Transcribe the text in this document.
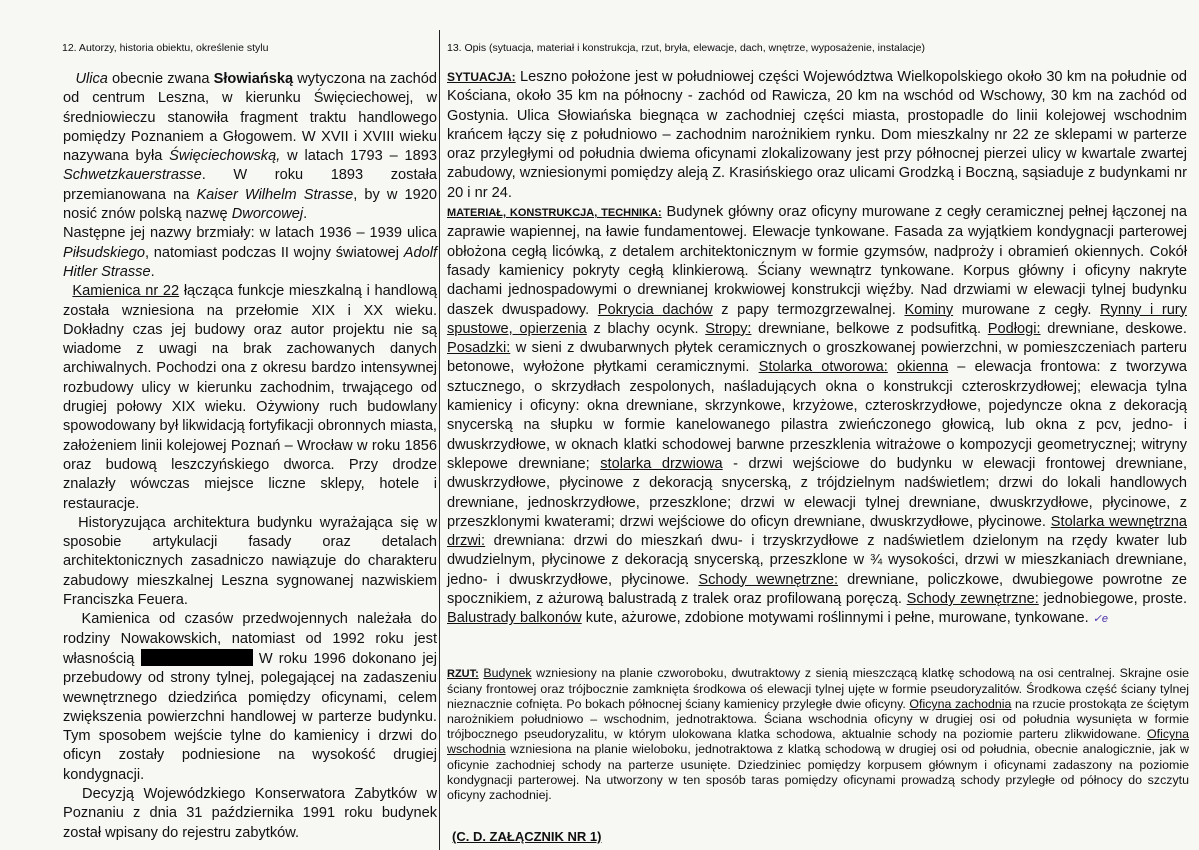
12. Autorzy, historia obiektu, określenie stylu	13. Opis (sytuacja, materiał i konstrukcja, rzut, bryła, elewacje, dach, wnętrze, wyposażenie, instalacje)

Ulica obecnie zwana Słowiańską wytyczona na zachód od centrum Leszna, w kierunku Święciechowej, w średniowieczu stanowiła fragment traktu handlowego pomiędzy Poznaniem a Głogowem. W XVII i XVIII wieku nazywana była Święciechowską, w latach 1793 – 1893 Schwetzkauerstrasse. W roku 1893 została przemianowana na Kaiser Wilhelm Strasse, by w 1920 nosić znów polską nazwę Dworcowej.

Następne jej nazwy brzmiały: w latach 1936 – 1939 ulica Piłsudskiego, natomiast podczas II wojny światowej Adolf Hitler Strasse.

Kamienica nr 22 łącząca funkcje mieszkalną i handlową została wzniesiona na przełomie XIX i XX wieku. Dokładny czas jej budowy oraz autor projektu nie są wiadome z uwagi na brak zachowanych danych archiwalnych. Pochodzi ona z okresu bardzo intensywnej rozbudowy ulicy w kierunku zachodnim, trwającego od drugiej połowy XIX wieku. Ożywiony ruch budowlany spowodowany był likwidacją fortyfikacji obronnych miasta, założeniem linii kolejowej Poznań – Wrocław w roku 1856 oraz budową leszczyńskiego dworca. Przy drodze znalazły wówczas miejsce liczne sklepy, hotele i restauracje.

Historyzująca architektura budynku wyrażająca się w sposobie artykulacji fasady oraz detalach architektonicznych zasadniczo nawiązuje do charakteru zabudowy mieszkalnej Leszna sygnowanej nazwiskiem Franciszka Feuera.

Kamienica od czasów przedwojennych należała do rodziny Nowakowskich, natomiast od 1992 roku jest własnością	W roku 1996 dokonano jej przebudowy od strony tylnej, polegającej na zadaszeniu wewnętrznego dziedzińca pomiędzy oficynami, celem zwiększenia powierzchni handlowej w parterze budynku. Tym sposobem wejście tylne do kamienicy i drzwi do oficyn zostały podniesione na wysokość drugiej kondygnacji.

Decyzją Wojewódzkiego Konserwatora Zabytków w Poznaniu z dnia 31 października 1991 roku budynek został wpisany do rejestru zabytków.

SYTUACJA: Leszno położone jest w południowej części Województwa Wielkopolskiego około 30 km na południe od Kościana, około 35 km na północny - zachód od Rawicza, 20 km na wschód od Wschowy, 30 km na zachód od Gostynia. Ulica Słowiańska biegnąca w zachodniej części miasta, prostopadle do linii kolejowej wschodnim krańcem łączy się z południowo – zachodnim narożnikiem rynku. Dom mieszkalny nr 22 ze sklepami w parterze oraz przyległymi od południa dwiema oficynami zlokalizowany jest przy północnej pierzei ulicy w kwartale zwartej zabudowy, wzniesionymi pomiędzy aleją Z. Krasińskiego oraz ulicami Grodzką i Boczną, sąsiaduje z budynkami nr 20 i nr 24.

MATERIAŁ, KONSTRUKCJA, TECHNIKA: Budynek główny oraz oficyny murowane z cegły ceramicznej pełnej łączonej na zaprawie wapiennej, na ławie fundamentowej. Elewacje tynkowane. Fasada za wyjątkiem kondygnacji parterowej obłożona cegłą licówką, z detalem architektonicznym w formie gzymsów, nadproży i obramień okiennych. Cokół fasady kamienicy pokryty cegłą klinkierową. Ściany wewnątrz tynkowane. Korpus główny i oficyny nakryte dachami jednospadowymi o drewnianej krokwiowej konstrukcji więźby. Nad drzwiami w elewacji tylnej budynku daszek dwuspadowy. Pokrycia dachów z papy termozgrzewalnej. Kominy murowane z cegły. Rynny i rury spustowe, opierzenia z blachy ocynk. Stropy: drewniane, belkowe z podsufitką. Podłogi: drewniane, deskowe. Posadzki: w sieni z dwubarwnych płytek ceramicznych o groszkowanej powierzchni, w pomieszczeniach parteru betonowe, wyłożone płytkami ceramicznymi. Stolarka otworowa: okienna – elewacja frontowa: z tworzywa sztucznego, o skrzydłach zespolonych, naśladujących okna o konstrukcji czteroskrzydłowej; elewacja tylna kamienicy i oficyny: okna drewniane, skrzynkowe, krzyżowe, czteroskrzydłowe, pojedyncze okna z dekoracją snycerską na słupku w formie kanelowanego pilastra zwieńczonego głowicą, lub okna z pcv, jedno- i dwuskrzydłowe, w oknach klatki schodowej barwne przeszklenia witrażowe o kompozycji geometrycznej; witryny sklepowe drewniane; stolarka drzwiowa - drzwi wejściowe do budynku w elewacji frontowej drewniane, dwuskrzydłowe, płycinowe z dekoracją snycerską, z trójdzielnym nadświetlem; drzwi do lokali handlowych drewniane, jednoskrzydłowe, przeszklone; drzwi w elewacji tylnej drewniane, dwuskrzydłowe, płycinowe, z przeszklonymi kwaterami; drzwi wejściowe do oficyn drewniane, dwuskrzydłowe, płycinowe. Stolarka wewnętrzna drzwi: drewniana: drzwi do mieszkań dwu- i trzyskrzydłowe z nadświetlem dzielonym na rzędy kwater lub dwudzielnym, płycinowe z dekoracją snycerską, przeszklone w ¾ wysokości, drzwi w mieszkaniach drewniane, jedno- i dwuskrzydłowe, płycinowe. Schody wewnętrzne: drewniane, policzkowe, dwubiegowe powrotne ze spocznikiem, z ażurową balustradą z tralek oraz profilowaną poręczą. Schody zewnętrzne: jednobiegowe, proste. Balustrady balkonów kute, ażurowe, zdobione motywami roślinnymi i pełne, murowane, tynkowane. ✓e

RZUT: Budynek wzniesiony na planie czworoboku, dwutraktowy z sienią mieszczącą klatkę schodową na osi centralnej. Skrajne osie ściany frontowej oraz trójbocznie zamknięta środkowa oś elewacji tylnej ujęte w formie pseudoryzalitów. Środkowa część ściany tylnej nieznacznie cofnięta. Po bokach północnej ściany kamienicy przyległe dwie oficyny. Oficyna zachodnia na rzucie prostokąta ze ściętym narożnikiem południowo – wschodnim, jednotraktowa. Ściana wschodnia oficyny w drugiej osi od południa wysunięta w formie trójbocznego pseudoryzalitu, w którym ulokowana klatka schodowa, aktualnie schody na poziomie parteru zlikwidowane. Oficyna wschodnia wzniesiona na planie wieloboku, jednotraktowa z klatką schodową w drugiej osi od południa, obecnie analogicznie, jak w oficynie zachodniej schody na parterze usunięte. Dziedziniec pomiędzy korpusem głównym i oficynami zadaszony na poziomie kondygnacji parterowej. Na utworzony w ten sposób taras pomiędzy oficynami prowadzą schody przyległe od północy do szczytu oficyny zachodniej.

(C. D. ZAŁĄCZNIK NR 1)
